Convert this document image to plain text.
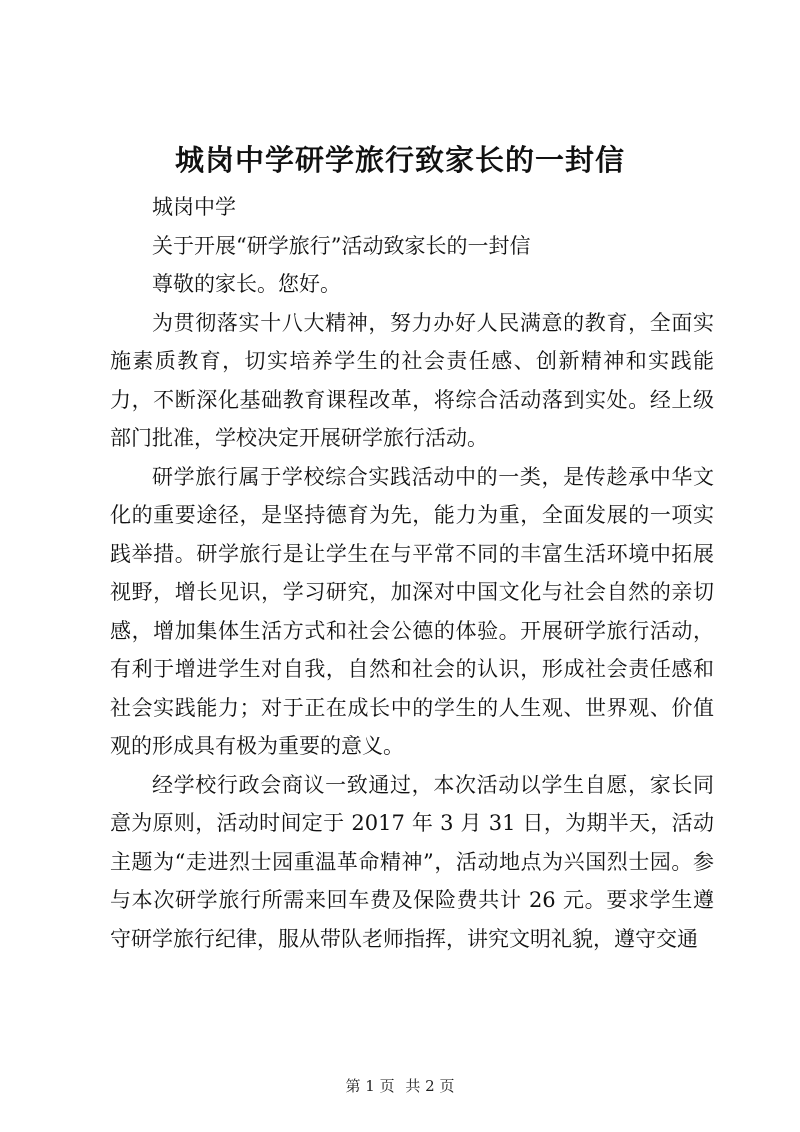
城岗中学研学旅行致家长的一封信

城岗中学

关于开展“研学旅行”活动致家长的一封信

尊敬的家长。您好。

为贯彻落实十八大精神，努力办好人民满意的教育，全面实施素质教育，切实培养学生的社会责任感、创新精神和实践能力，不断深化基础教育课程改革，将综合活动落到实处。经上级部门批准，学校决定开展研学旅行活动。

研学旅行属于学校综合实践活动中的一类，是传趁承中华文化的重要途径，是坚持德育为先，能力为重，全面发展的一项实践举措。研学旅行是让学生在与平常不同的丰富生活环境中拓展视野，增长见识，学习研究，加深对中国文化与社会自然的亲切感，增加集体生活方式和社会公德的体验。开展研学旅行活动，有利于增进学生对自我，自然和社会的认识，形成社会责任感和社会实践能力；对于正在成长中的学生的人生观、世界观、价值观的形成具有极为重要的意义。

经学校行政会商议一致通过，本次活动以学生自愿，家长同意为原则，活动时间定于 2017 年 3 月 31 日，为期半天，活动主题为“走进烈士园重温革命精神”，活动地点为兴国烈士园。参与本次研学旅行所需来回车费及保险费共计 26 元。要求学生遵守研学旅行纪律，服从带队老师指挥，讲究文明礼貌，遵守交通

第 1 页 共 2 页
